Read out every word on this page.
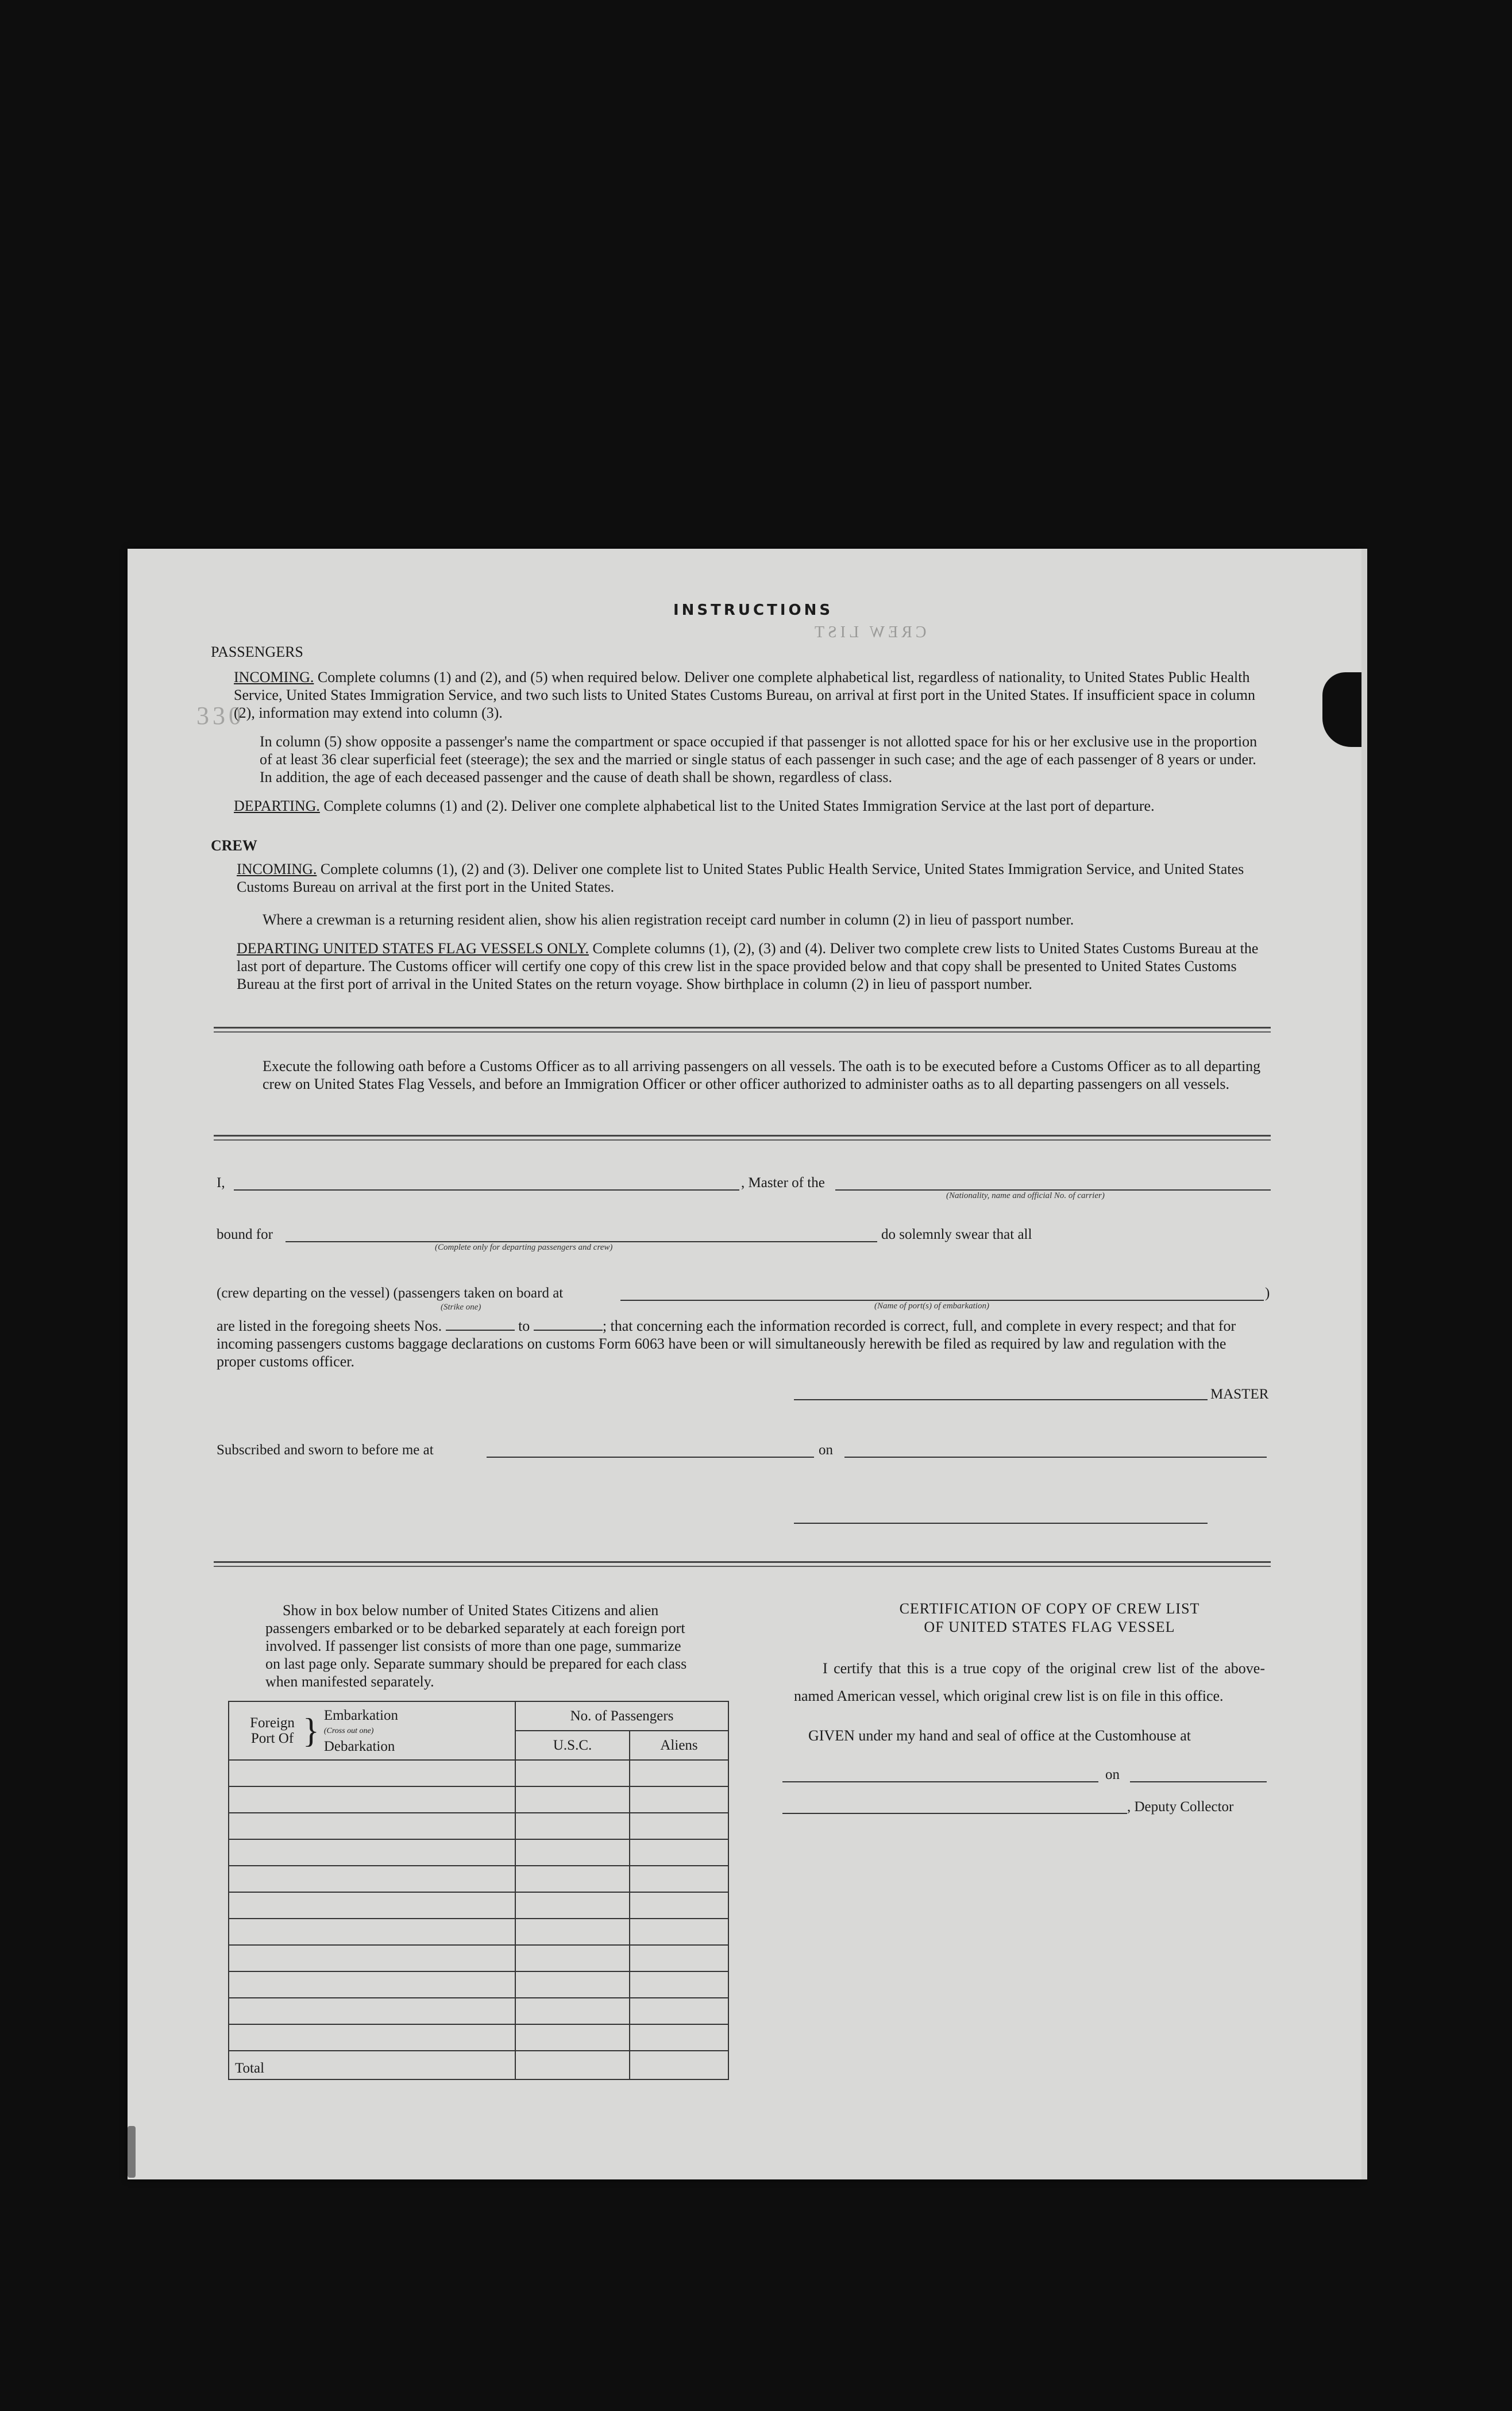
330
CREW LIST
INSTRUCTIONS
PASSENGERS
INCOMING. Complete columns (1) and (2), and (5) when required below. Deliver one complete alphabetical list, regardless of nationality, to United States Public Health Service, United States Immigration Service, and two such lists to United States Customs Bureau, on arrival at first port in the United States. If insufficient space in column (2), information may extend into column (3).
In column (5) show opposite a passenger's name the compartment or space occupied if that passenger is not allotted space for his or her exclusive use in the proportion of at least 36 clear superficial feet (steerage); the sex and the married or single status of each passenger in such case; and the age of each passenger of 8 years or under. In addition, the age of each deceased passenger and the cause of death shall be shown, regardless of class.
DEPARTING. Complete columns (1) and (2). Deliver one complete alphabetical list to the United States Immigration Service at the last port of departure.
CREW
INCOMING. Complete columns (1), (2) and (3). Deliver one complete list to United States Public Health Service, United States Immigration Service, and United States Customs Bureau on arrival at the first port in the United States.
Where a crewman is a returning resident alien, show his alien registration receipt card number in column (2) in lieu of passport number.
DEPARTING UNITED STATES FLAG VESSELS ONLY. Complete columns (1), (2), (3) and (4). Deliver two complete crew lists to United States Customs Bureau at the last port of departure. The Customs officer will certify one copy of this crew list in the space provided below and that copy shall be presented to United States Customs Bureau at the first port of arrival in the United States on the return voyage. Show birthplace in column (2) in lieu of passport number.
Execute the following oath before a Customs Officer as to all arriving passengers on all vessels. The oath is to be executed before a Customs Officer as to all departing crew on United States Flag Vessels, and before an Immigration Officer or other officer authorized to administer oaths as to all departing passengers on all vessels.
I,	, Master of the
(Nationality, name and official No. of carrier)
bound for
(Complete only for departing passengers and crew)
do solemnly swear that all
(crew departing on the vessel) (passengers taken on board at
(Strike one)	(Name of port(s) of embarkation)
)
are listed in the foregoing sheets Nos.	to	; that concerning each the information recorded is correct, full, and complete in every respect; and that for incoming passengers customs baggage declarations on customs Form 6063 have been or will simultaneously herewith be filed as required by law and regulation with the proper customs officer.
MASTER
Subscribed and sworn to before me at	on
Show in box below number of United States Citizens and alien passengers embarked or to be debarked separately at each foreign port involved. If passenger list consists of more than one page, summarize on last page only. Separate summary should be prepared for each class when manifested separately.
Foreign Port Of } Embarkation
(Cross out one)
Debarkation	No. of Passengers	
	U.S.C.	Aliens

Total		
CERTIFICATION OF COPY OF CREW LIST
OF UNITED STATES FLAG VESSEL
I certify that this is a true copy of the original crew list of the above-named American vessel, which original crew list is on file in this office.
GIVEN under my hand and seal of office at the Customhouse at
on
, Deputy Collector
